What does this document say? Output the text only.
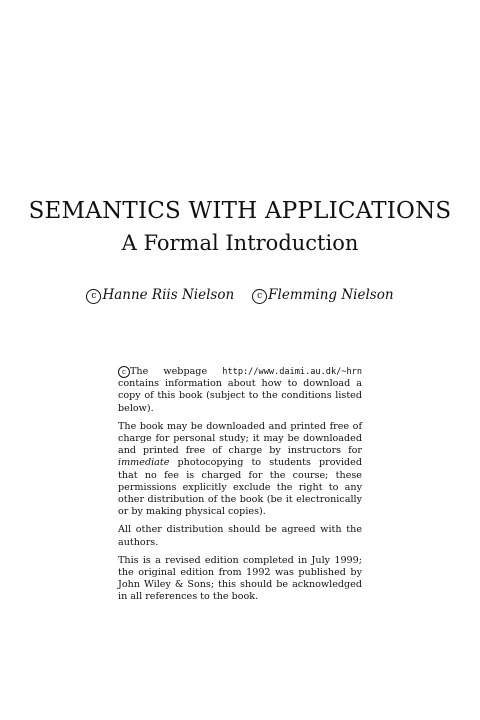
SEMANTICS WITH APPLICATIONS
A Formal Introduction
c Hanne Riis Nielson	c Flemming Nielson

c The webpage http://www.daimi.au.dk/~hrn contains information about how to download a copy of this book (subject to the conditions listed below).

The book may be downloaded and printed free of charge for personal study; it may be downloaded and printed free of charge by instructors for immediate photocopying to students provided that no fee is charged for the course; these permissions explicitly exclude the right to any other distribution of the book (be it electronically or by making physical copies).

All other distribution should be agreed with the authors.

This is a revised edition completed in July 1999; the original edition from 1992 was published by John Wiley & Sons; this should be acknowledged in all references to the book.
